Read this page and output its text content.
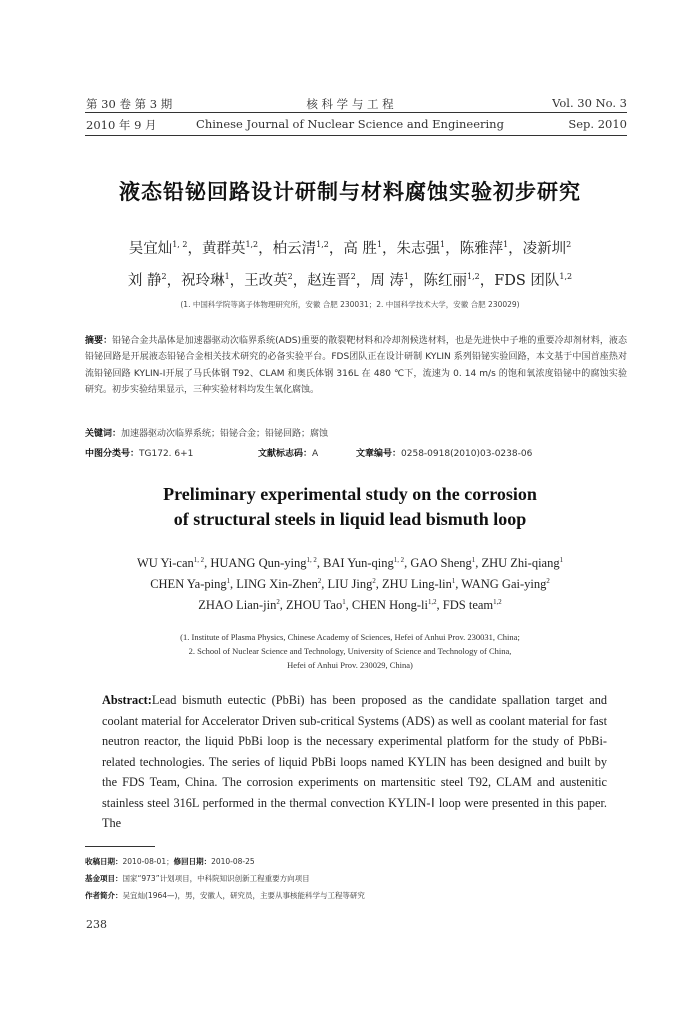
第 30 卷 第 3 期	核 科 学 与 工 程	Vol. 30 No. 3
2010 年 9 月	Chinese Journal of Nuclear Science and Engineering	Sep. 2010
液态铅铋回路设计研制与材料腐蚀实验初步研究
吴宜灿$^{1, 2}$，黄群英$^{1,2}$，柏云清$^{1,2}$，高 胜$^1$，朱志强$^1$，陈雅萍$^1$，凌新圳$^2$
刘 静$^2$，祝玲琳$^1$，王改英$^2$，赵连晋$^2$，周 涛$^1$，陈红丽$^{1,2}$，FDS 团队$^{1,2}$
(1. 中国科学院等离子体物理研究所，安徽 合肥 230031；2. 中国科学技术大学，安徽 合肥 230029)
摘要：铅铋合金共晶体是加速器驱动次临界系统(ADS)重要的散裂靶材料和冷却剂候选材料，也是先进快中子堆的重要冷却剂材料，液态铅铋回路是开展液态铅铋合金相关技术研究的必备实验平台。FDS团队正在设计研制 KYLIN 系列铅铋实验回路，本文基于中国首座热对流铅铋回路 KYLIN-Ⅰ开展了马氏体钢 T92、CLAM 和奥氏体钢 316L 在 480 ℃下，流速为 0. 14 m/s 的饱和氧浓度铅铋中的腐蚀实验研究。初步实验结果显示，三种实验材料均发生氧化腐蚀。
关键词：加速器驱动次临界系统；铅铋合金；铅铋回路；腐蚀
中图分类号：TG172. 6+1	文献标志码：A	文章编号：0258-0918(2010)03-0238-06
Preliminary experimental study on the corrosion
of structural steels in liquid lead bismuth loop
WU Yi-can$^{1, 2}$, HUANG Qun-ying$^{1, 2}$, BAI Yun-qing$^{1, 2}$, GAO Sheng$^1$, ZHU Zhi-qiang$^1$
CHEN Ya-ping$^1$, LING Xin-Zhen$^2$, LIU Jing$^2$, ZHU Ling-lin$^1$, WANG Gai-ying$^2$
ZHAO Lian-jin$^2$, ZHOU Tao$^1$, CHEN Hong-li$^{1,2}$, FDS team$^{1,2}$
(1. Institute of Plasma Physics, Chinese Academy of Sciences, Hefei of Anhui Prov. 230031, China;
2. School of Nuclear Science and Technology, University of Science and Technology of China,
Hefei of Anhui Prov. 230029, China)
Abstract:Lead bismuth eutectic (PbBi) has been proposed as the candidate spallation target and coolant material for Accelerator Driven sub-critical Systems (ADS) as well as coolant material for fast neutron reactor, the liquid PbBi loop is the necessary experimental platform for the study of PbBi-related technologies. The series of liquid PbBi loops named KYLIN has been designed and built by the FDS Team, China. The corrosion experiments on martensitic steel T92, CLAM and austenitic stainless steel 316L performed in the thermal convection KYLIN-Ⅰ loop were presented in this paper. The
收稿日期：2010-08-01；修回日期：2010-08-25
基金项目：国家“973”计划项目，中科院知识创新工程重要方向项目
作者简介：吴宜灿(1964—)，男，安徽人，研究员，主要从事核能科学与工程等研究
238
